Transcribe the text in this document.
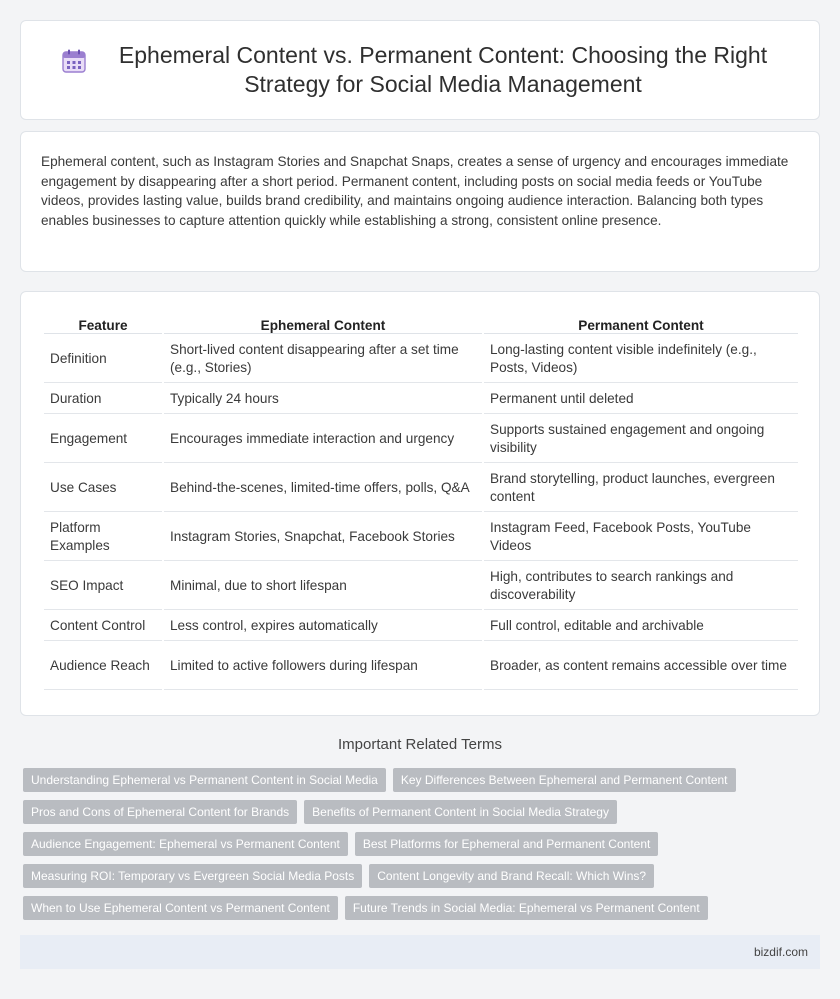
Ephemeral Content vs. Permanent Content: Choosing the Right Strategy for Social Media Management

Ephemeral content, such as Instagram Stories and Snapchat Snaps, creates a sense of urgency and encourages immediate engagement by disappearing after a short period. Permanent content, including posts on social media feeds or YouTube videos, provides lasting value, builds brand credibility, and maintains ongoing audience interaction. Balancing both types enables businesses to capture attention quickly while establishing a strong, consistent online presence.

Feature	Ephemeral Content	Permanent Content
Definition	Short-lived content disappearing after a set time (e.g., Stories)	Long-lasting content visible indefinitely (e.g., Posts, Videos)
Duration	Typically 24 hours	Permanent until deleted
Engagement	Encourages immediate interaction and urgency	Supports sustained engagement and ongoing visibility
Use Cases	Behind-the-scenes, limited-time offers, polls, Q&A	Brand storytelling, product launches, evergreen content
Platform Examples	Instagram Stories, Snapchat, Facebook Stories	Instagram Feed, Facebook Posts, YouTube Videos
SEO Impact	Minimal, due to short lifespan	High, contributes to search rankings and discoverability
Content Control	Less control, expires automatically	Full control, editable and archivable
Audience Reach	Limited to active followers during lifespan	Broader, as content remains accessible over time
Important Related Terms
Understanding Ephemeral vs Permanent Content in Social Media	Key Differences Between Ephemeral and Permanent Content
Pros and Cons of Ephemeral Content for Brands	Benefits of Permanent Content in Social Media Strategy
Audience Engagement: Ephemeral vs Permanent Content	Best Platforms for Ephemeral and Permanent Content
Measuring ROI: Temporary vs Evergreen Social Media Posts	Content Longevity and Brand Recall: Which Wins?
When to Use Ephemeral Content vs Permanent Content	Future Trends in Social Media: Ephemeral vs Permanent Content
bizdif.com
